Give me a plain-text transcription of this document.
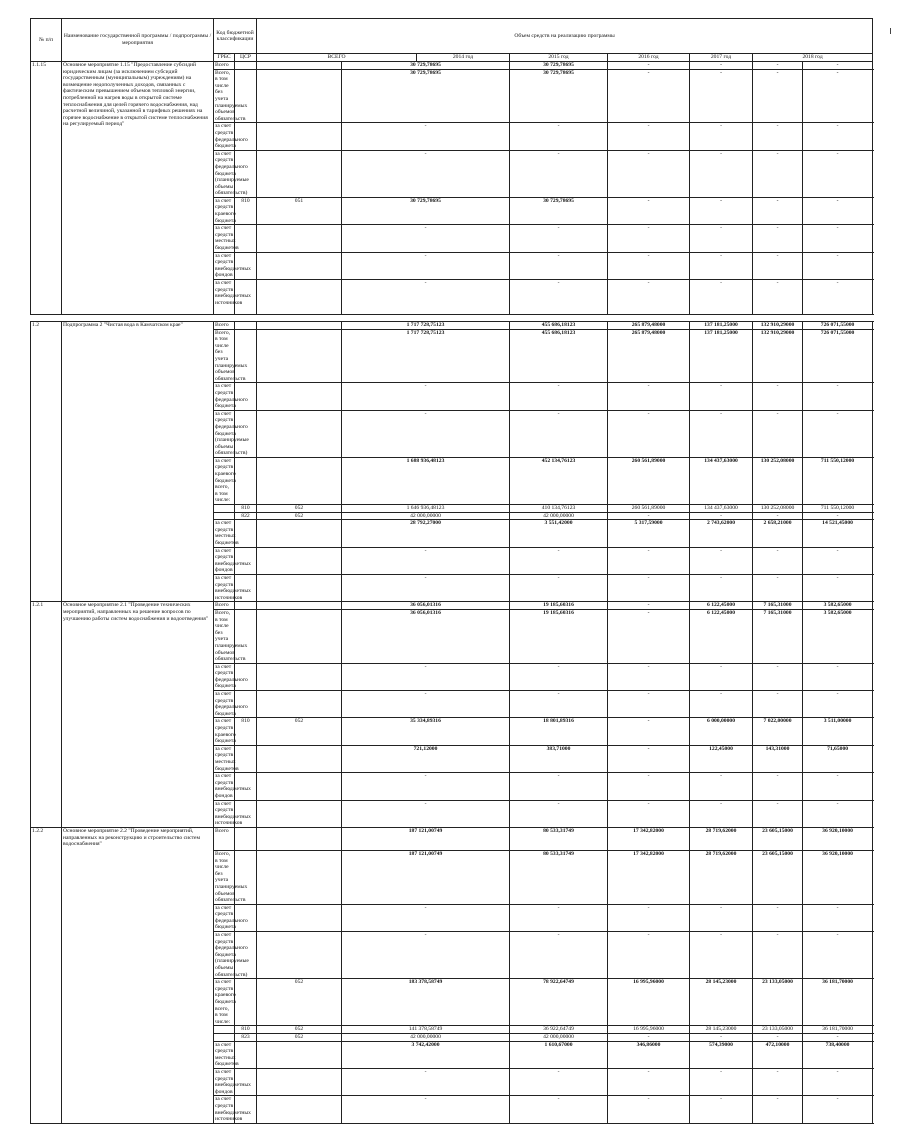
№ п/п	Наименование государственной программы / подпрограммы / мероприятия	Код бюджетной классификации		Объем средств на реализацию программы							
		ГРБС	ЦСР	ВСЕГО		2014 год	2015 год	2016 год	2017 год	2018 год	
1.1.15	Основное мероприятие 1.15 "Предоставление субсидий юридическим лицам (за исключением субсидий государственным (муниципальным) учреждениям) на возмещение недополученных доходов, связанных с фактическим превышением объемов тепловой энергии, потребленной на нагрев воды в открытой системе теплоснабжения для целей горячего водоснабжения, над расчетной величиной, указанной в тарифных решениях на горячее водоснабжение в открытой системе теплоснабжения на регулируемый период"	Всего			30 729,78695		30 729,78695	-	-	-	-
		Всего, в том числе без учета планируемых объемов обязательств			30 729,78695		30 729,78695	-	-	-	-
		за счет средств федерального бюджета			-		-	-	-	-	-
		за счет средств федерального бюджета (планируемые объемы обязательств)			-		-	-	-	-	-
		за счет средств краевого бюджета	810	051	30 729,78695		30 729,78695	-	-	-	-
		за счет средств местных бюджетов			-		-	-	-	-	-
		за счет средств внебюджетных фондов			-		-	-	-	-	-
		за счет средств внебюджетных источников			-		-	-	-	-	-

1.2	Подпрограмма 2 "Чистая вода в Камчатском крае"	Всего			1 717 728,75123		455 686,18123	265 879,48000	137 181,25000	132 910,29000	726 071,55000
		Всего, в том числе без учета планируемых объемов обязательств			1 717 728,75123		455 686,18123	265 879,48000	137 181,25000	132 910,29000	726 071,55000
		за счет средств федерального бюджета			-		-	-	-	-	-
		за счет средств федерального бюджета (планируемые объемы обязательств)			-		-	-	-	-	-
		за счет средств краевого бюджета всего, в том числе:			1 688 936,48123		452 134,76123	260 561,89000	134 437,63000	130 252,08000	711 550,12000
			810	052	1 646 936,48123		410 134,76123	260 561,89000	134 437,63000	130 252,08000	711 550,12000
			822	052	42 000,00000		42 000,00000	-	-	-	-
		за счет средств местных бюджетов			28 792,27000		3 551,42000	5 317,59000	2 743,62000	2 658,21000	14 521,45000
		за счет средств внебюджетных фондов			-		-	-	-	-	-
		за счет средств внебюджетных источников			-		-	-	-	-	-
1.2.1	Основное мероприятие 2.1 "Проведение технических мероприятий, направленных на решение вопросов по улучшению работы систем водоснабжения и водоотведения"	Всего			36 056,01316		19 185,60316	-	6 122,45000	7 165,31000	3 582,65000
		Всего, в том числе без учета планируемых объемов обязательств			36 056,01316		19 185,60316	-	6 122,45000	7 165,31000	3 582,65000
		за счет средств федерального бюджета			-		-	-	-	-	-
		за счет средств федерального бюджета			-		-	-	-	-	-
		за счет средств краевого бюджета	810	052	35 334,89316		18 801,89316	-	6 000,00000	7 022,00000	3 511,00000
		за счет средств местных бюджетов			721,12000		383,71000	-	122,45000	143,31000	71,65000
		за счет средств внебюджетных фондов			-		-	-	-	-	-
		за счет средств внебюджетных источников			-		-	-	-	-	-
1.2.2	Основное мероприятие 2.2 "Проведение мероприятий, направленных на реконструкцию и строительство систем водоснабжения"	Всего			187 121,00749		80 533,31749	17 342,82000	28 719,62000	23 605,15000	36 920,10000
		Всего, в том числе без учета планируемых объемов обязательств			187 121,00749		80 533,31749	17 342,82000	28 719,62000	23 605,15000	36 920,10000
		за счет средств федерального бюджета			-		-	-	-	-	-
		за счет средств федерального бюджета (планируемые объемы обязательств)			-		-	-	-	-	-
		за счет средств краевого бюджета всего, в том числе:		052	183 378,58749		78 922,64749	16 995,96000	28 145,23000	23 133,05000	36 181,70000
			810	052	141 378,58749		36 922,64749	16 995,96000	28 145,23000	23 133,05000	36 181,70000
			823	052	42 000,00000		42 000,00000	-	-	-	-
		за счет средств местных бюджетов			3 742,42000		1 610,67000	346,86000	574,39000	472,10000	738,40000
		за счет средств внебюджетных фондов			-		-	-	-	-	-
		за счет средств внебюджетных источников			-		-	-	-	-	-
